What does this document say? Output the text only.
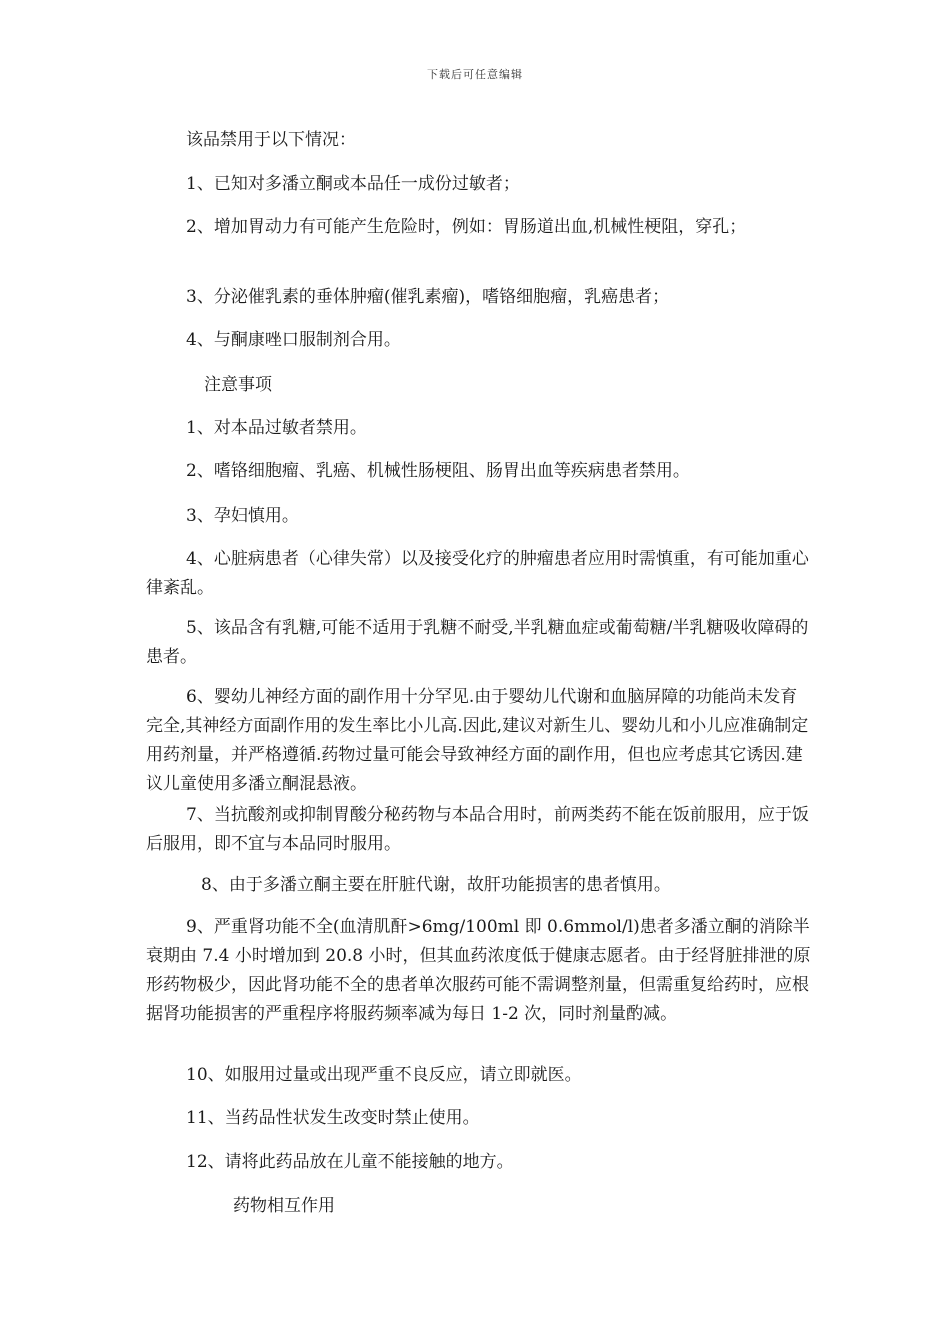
下载后可任意编辑

该品禁用于以下情况：

1、已知对多潘立酮或本品任一成份过敏者；

2、增加胃动力有可能产生危险时，例如：胃肠道出血,机械性梗阻，穿孔；

3、分泌催乳素的垂体肿瘤(催乳素瘤)，嗜铬细胞瘤，乳癌患者；

4、与酮康唑口服制剂合用。

注意事项

1、对本品过敏者禁用。

2、嗜铬细胞瘤、乳癌、机械性肠梗阻、肠胃出血等疾病患者禁用。

3、孕妇慎用。

4、心脏病患者（心律失常）以及接受化疗的肿瘤患者应用时需慎重，有可能加重心律紊乱。

5、该品含有乳糖,可能不适用于乳糖不耐受,半乳糖血症或葡萄糖/半乳糖吸收障碍的患者。

6、婴幼儿神经方面的副作用十分罕见.由于婴幼儿代谢和血脑屏障的功能尚未发育完全,其神经方面副作用的发生率比小儿高.因此,建议对新生儿、婴幼儿和小儿应准确制定用药剂量，并严格遵循.药物过量可能会导致神经方面的副作用，但也应考虑其它诱因.建议儿童使用多潘立酮混悬液。

7、当抗酸剂或抑制胃酸分秘药物与本品合用时，前两类药不能在饭前服用，应于饭后服用，即不宜与本品同时服用。

8、由于多潘立酮主要在肝脏代谢，故肝功能损害的患者慎用。

9、严重肾功能不全(血清肌酐>6mg/100ml 即 0.6mmol/l)患者多潘立酮的消除半衰期由 7.4 小时增加到 20.8 小时，但其血药浓度低于健康志愿者。由于经肾脏排泄的原形药物极少，因此肾功能不全的患者单次服药可能不需调整剂量，但需重复给药时，应根据肾功能损害的严重程序将服药频率减为每日 1-2 次，同时剂量酌减。

10、如服用过量或出现严重不良反应，请立即就医。

11、当药品性状发生改变时禁止使用。

12、请将此药品放在儿童不能接触的地方。

药物相互作用
